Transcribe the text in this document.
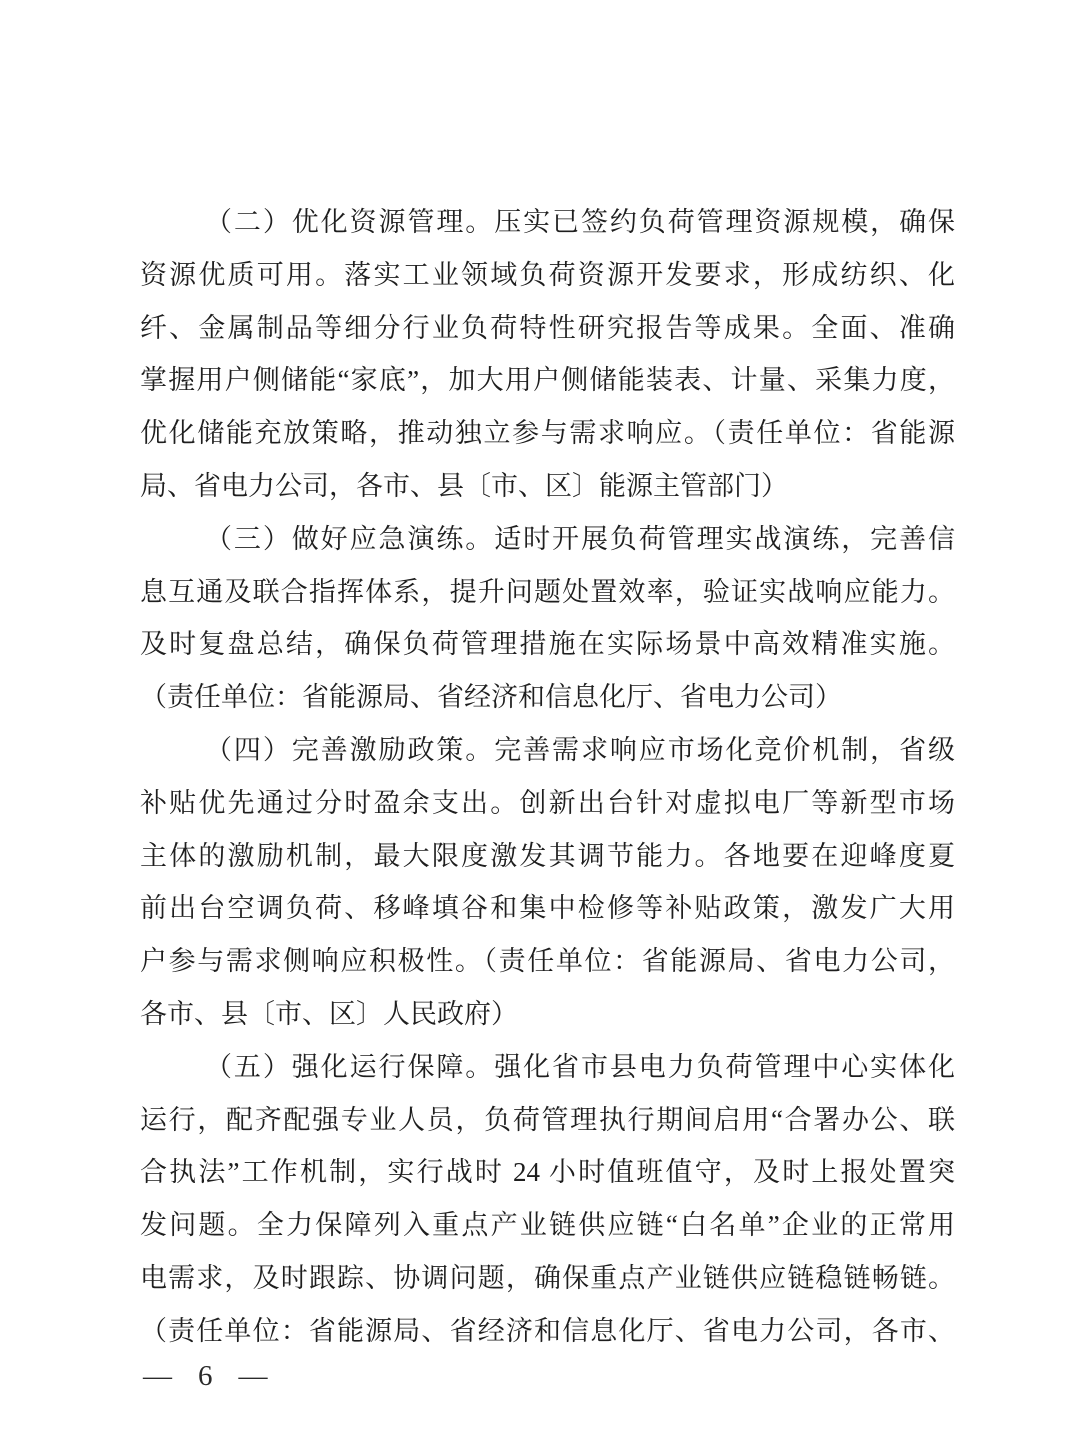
（二）优化资源管理。压实已签约负荷管理资源规模，确保
资源优质可用。落实工业领域负荷资源开发要求，形成纺织、化
纤、金属制品等细分行业负荷特性研究报告等成果。全面、准确
掌握用户侧储能“家底”，加大用户侧储能装表、计量、采集力度，
优化储能充放策略，推动独立参与需求响应。（责任单位：省能源
局、省电力公司，各市、县〔市、区〕能源主管部门）
（三）做好应急演练。适时开展负荷管理实战演练，完善信
息互通及联合指挥体系，提升问题处置效率，验证实战响应能力。
及时复盘总结，确保负荷管理措施在实际场景中高效精准实施。
（责任单位：省能源局、省经济和信息化厅、省电力公司）
（四）完善激励政策。完善需求响应市场化竞价机制，省级
补贴优先通过分时盈余支出。创新出台针对虚拟电厂等新型市场
主体的激励机制，最大限度激发其调节能力。各地要在迎峰度夏
前出台空调负荷、移峰填谷和集中检修等补贴政策，激发广大用
户参与需求侧响应积极性。（责任单位：省能源局、省电力公司，
各市、县〔市、区〕人民政府）
（五）强化运行保障。强化省市县电力负荷管理中心实体化
运行，配齐配强专业人员，负荷管理执行期间启用“合署办公、联
合执法”工作机制，实行战时 24 小时值班值守，及时上报处置突
发问题。全力保障列入重点产业链供应链“白名单”企业的正常用
电需求，及时跟踪、协调问题，确保重点产业链供应链稳链畅链。
（责任单位：省能源局、省经济和信息化厅、省电力公司，各市、
— 6 —
